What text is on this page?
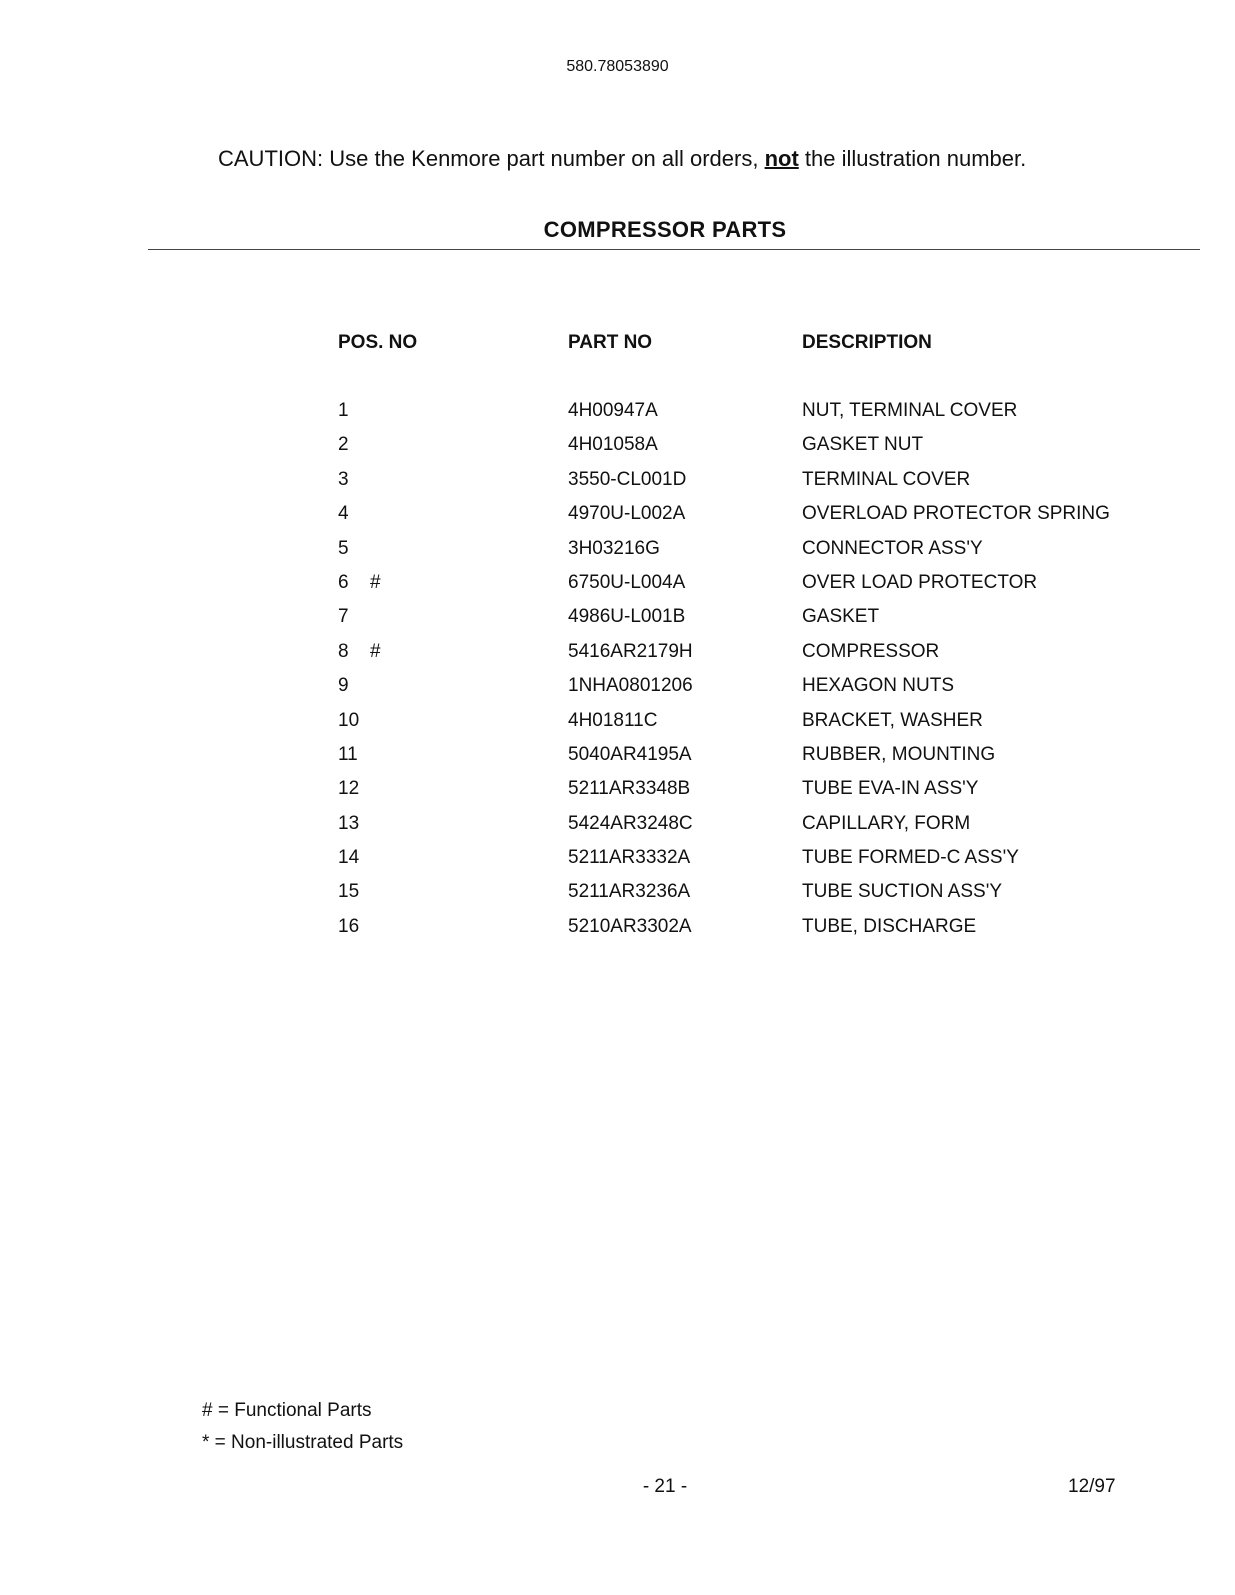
580.78053890
CAUTION: Use the Kenmore part number on all orders, not the illustration number.
COMPRESSOR PARTS
POS. NO	PART NO	DESCRIPTION
1	4H00947A	NUT, TERMINAL COVER
2	4H01058A	GASKET NUT
3	3550-CL001D	TERMINAL COVER
4	4970U-L002A	OVERLOAD PROTECTOR SPRING
5	3H03216G	CONNECTOR ASS'Y
6 #	6750U-L004A	OVER LOAD PROTECTOR
7	4986U-L001B	GASKET
8 #	5416AR2179H	COMPRESSOR
9	1NHA0801206	HEXAGON NUTS
10	4H01811C	BRACKET, WASHER
11	5040AR4195A	RUBBER, MOUNTING
12	5211AR3348B	TUBE EVA-IN ASS'Y
13	5424AR3248C	CAPILLARY, FORM
14	5211AR3332A	TUBE FORMED-C ASS'Y
15	5211AR3236A	TUBE SUCTION ASS'Y
16	5210AR3302A	TUBE, DISCHARGE
# = Functional Parts
* = Non-illustrated Parts
- 21 -	12/97
